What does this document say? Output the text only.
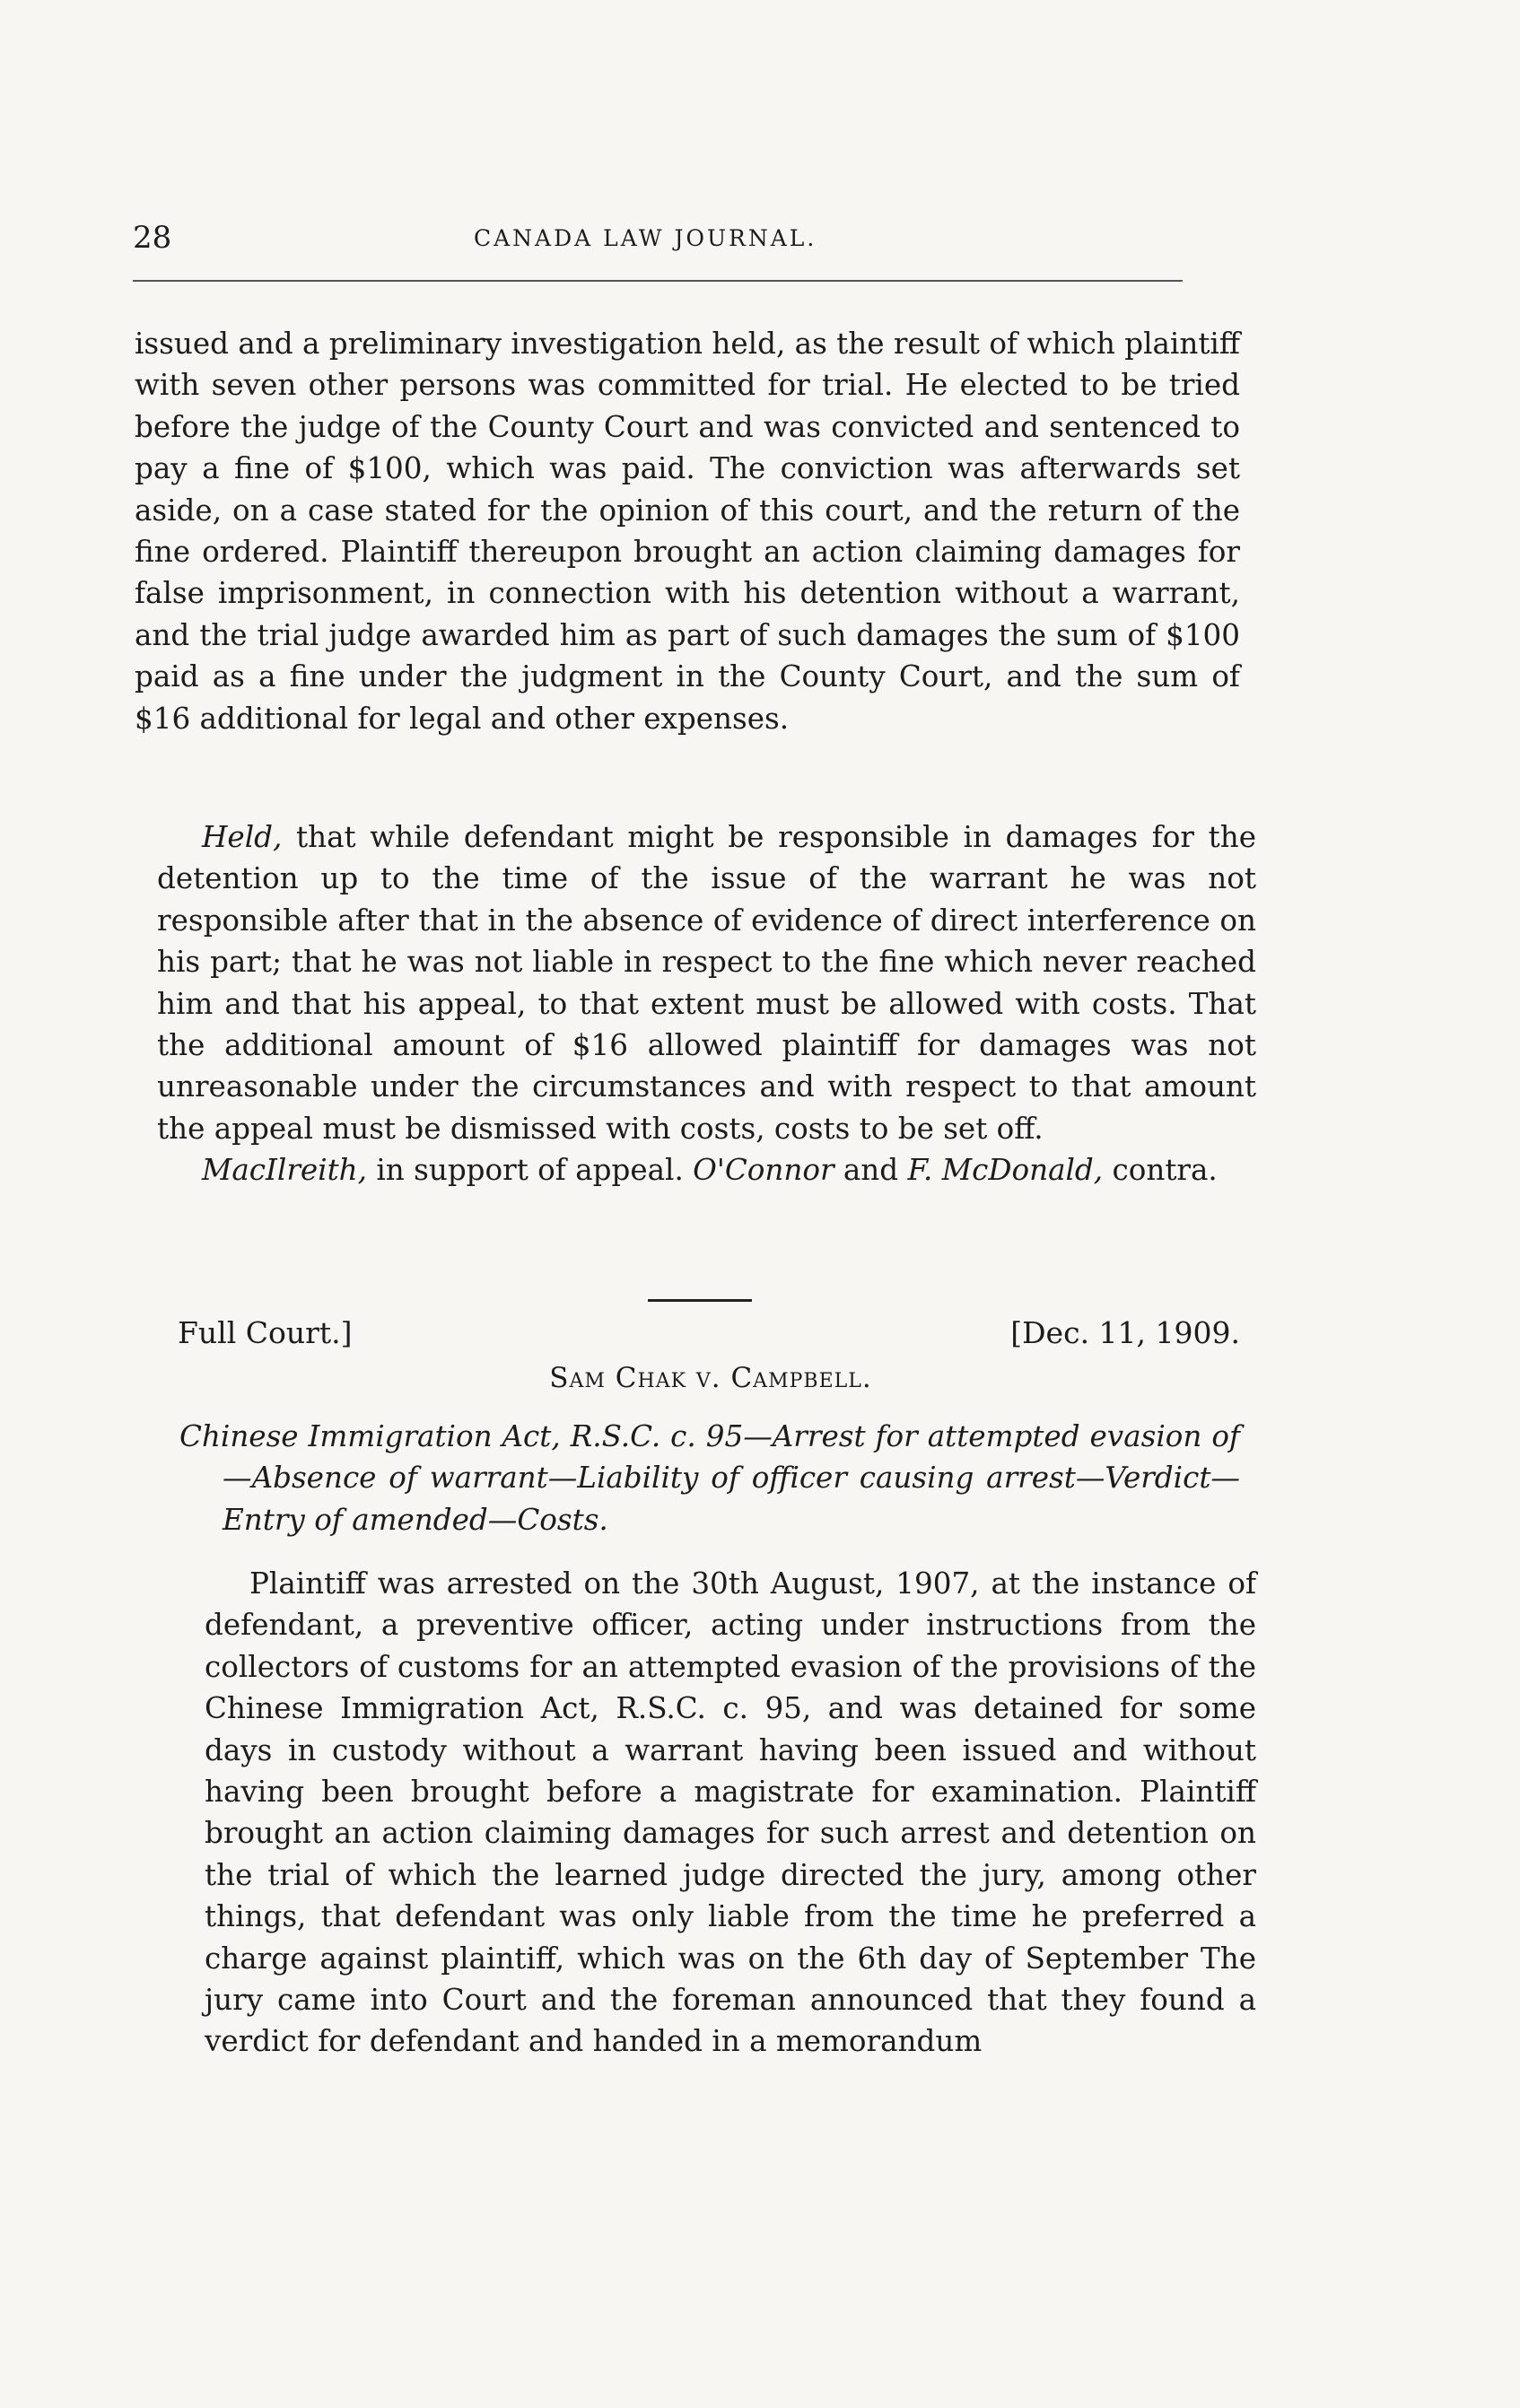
28	CANADA LAW JOURNAL.

issued and a preliminary investigation held, as the result of which plaintiff with seven other persons was committed for trial. He elected to be tried before the judge of the County Court and was convicted and sentenced to pay a fine of $100, which was paid. The conviction was afterwards set aside, on a case stated for the opinion of this court, and the return of the fine ordered. Plaintiff thereupon brought an action claiming damages for false imprisonment, in connection with his detention without a warrant, and the trial judge awarded him as part of such damages the sum of $100 paid as a fine under the judgment in the County Court, and the sum of $16 additional for legal and other expenses.

Held, that while defendant might be responsible in damages for the detention up to the time of the issue of the warrant he was not responsible after that in the absence of evidence of direct interference on his part; that he was not liable in respect to the fine which never reached him and that his appeal, to that extent must be allowed with costs. That the additional amount of $16 allowed plaintiff for damages was not unreasonable under the circumstances and with respect to that amount the appeal must be dismissed with costs, costs to be set off.

MacIlreith, in support of appeal. O'Connor and F. McDonald, contra.

Full Court.]	[Dec. 11, 1909.
Sam Chak v. Campbell.

Chinese Immigration Act, R.S.C. c. 95—Arrest for attempted evasion of—Absence of warrant—Liability of officer causing arrest—Verdict—Entry of amended—Costs.

Plaintiff was arrested on the 30th August, 1907, at the instance of defendant, a preventive officer, acting under instructions from the collectors of customs for an attempted evasion of the provisions of the Chinese Immigration Act, R.S.C. c. 95, and was detained for some days in custody without a warrant having been issued and without having been brought before a magistrate for examination. Plaintiff brought an action claiming damages for such arrest and detention on the trial of which the learned judge directed the jury, among other things, that defendant was only liable from the time he preferred a charge against plaintiff, which was on the 6th day of September The jury came into Court and the foreman announced that they found a verdict for defendant and handed in a memorandum
